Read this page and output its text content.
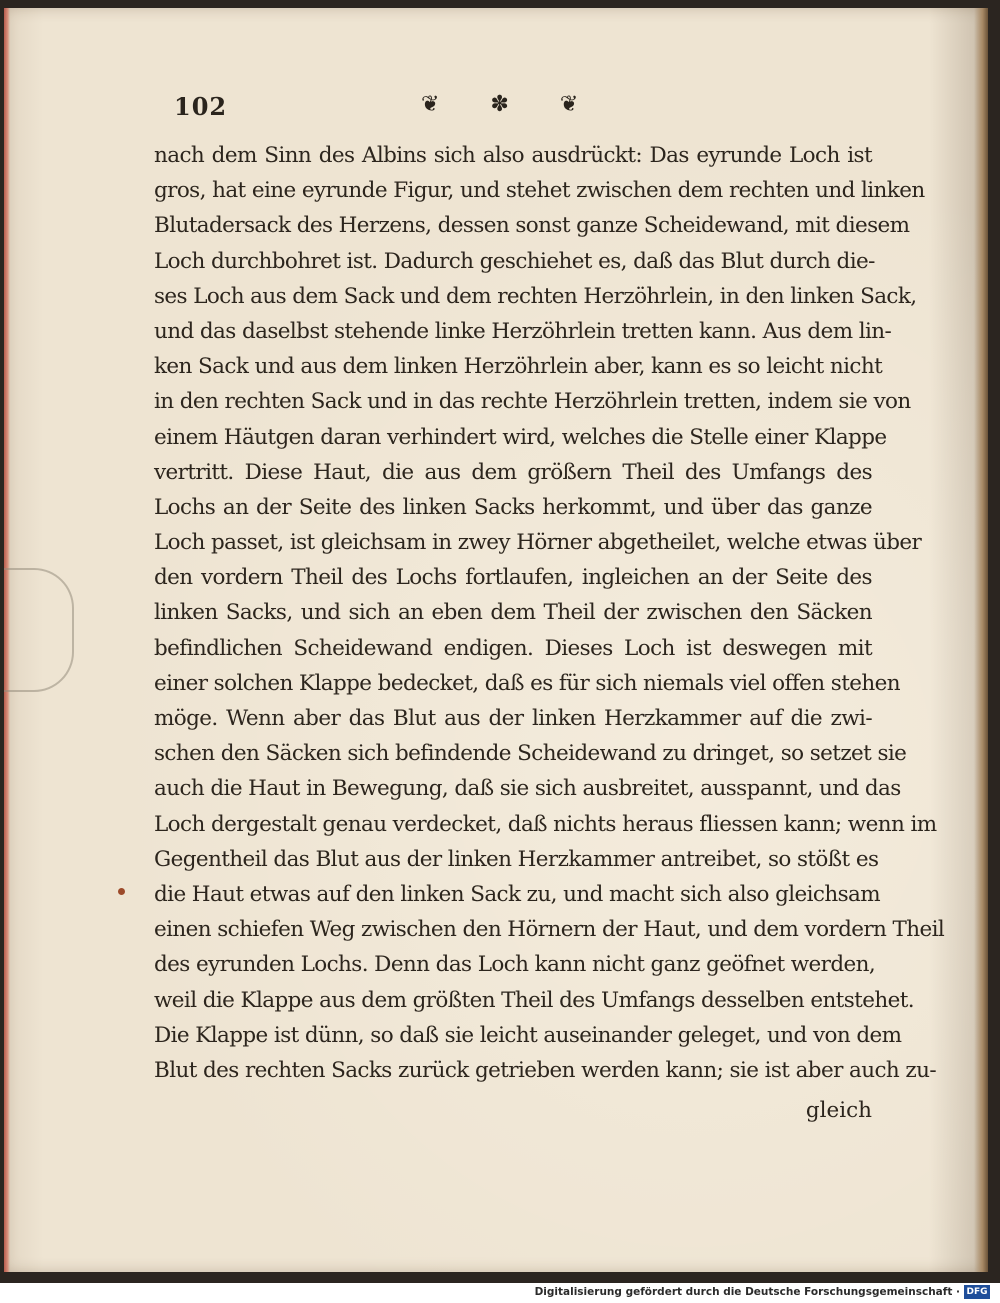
102	❦ ✽ ❦
nach dem Sinn des Albins sich also ausdrückt: Das eyrunde Loch ist
gros, hat eine eyrunde Figur, und stehet zwischen dem rechten und linken
Blutadersack des Herzens, dessen sonst ganze Scheidewand, mit diesem
Loch durchbohret ist. Dadurch geschiehet es, daß das Blut durch die-
ses Loch aus dem Sack und dem rechten Herzöhrlein, in den linken Sack,
und das daselbst stehende linke Herzöhrlein tretten kann. Aus dem lin-
ken Sack und aus dem linken Herzöhrlein aber, kann es so leicht nicht
in den rechten Sack und in das rechte Herzöhrlein tretten, indem sie von
einem Häutgen daran verhindert wird, welches die Stelle einer Klappe
vertritt. Diese Haut, die aus dem größern Theil des Umfangs des
Lochs an der Seite des linken Sacks herkommt, und über das ganze
Loch passet, ist gleichsam in zwey Hörner abgetheilet, welche etwas über
den vordern Theil des Lochs fortlaufen, ingleichen an der Seite des
linken Sacks, und sich an eben dem Theil der zwischen den Säcken
befindlichen Scheidewand endigen. Dieses Loch ist deswegen mit
einer solchen Klappe bedecket, daß es für sich niemals viel offen stehen
möge. Wenn aber das Blut aus der linken Herzkammer auf die zwi-
schen den Säcken sich befindende Scheidewand zu dringet, so setzet sie
auch die Haut in Bewegung, daß sie sich ausbreitet, ausspannt, und das
Loch dergestalt genau verdecket, daß nichts heraus fliessen kann; wenn im
Gegentheil das Blut aus der linken Herzkammer antreibet, so stößt es
die Haut etwas auf den linken Sack zu, und macht sich also gleichsam
einen schiefen Weg zwischen den Hörnern der Haut, und dem vordern Theil
des eyrunden Lochs. Denn das Loch kann nicht ganz geöfnet werden,
weil die Klappe aus dem größten Theil des Umfangs desselben entstehet.
Die Klappe ist dünn, so daß sie leicht auseinander geleget, und von dem
Blut des rechten Sacks zurück getrieben werden kann; sie ist aber auch zu-
gleich
Digitalisierung gefördert durch die Deutsche Forschungsgemeinschaft · DFG
